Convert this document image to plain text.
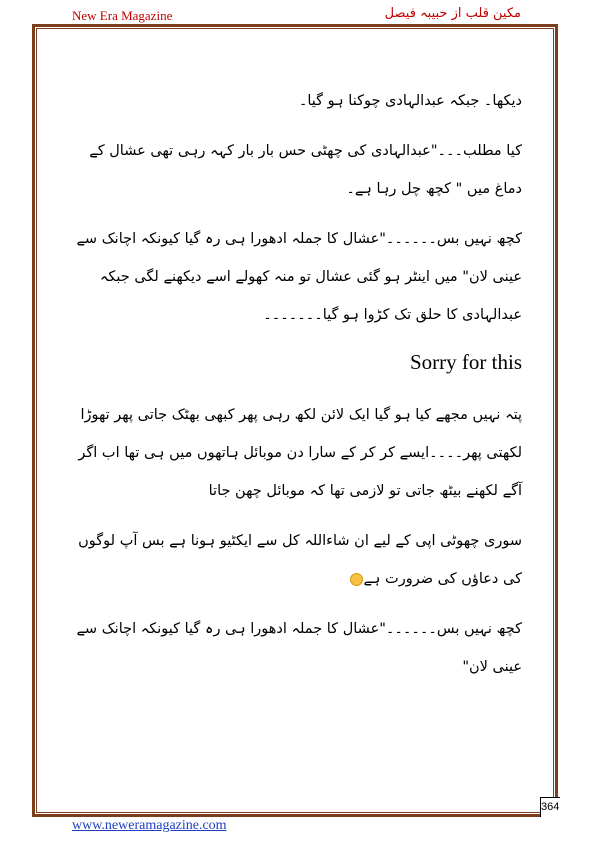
New Era Magazine	مکین قلب از حبیبہ فیصل

دیکھا۔ جبکہ عبدالہادی چوکنا ہو گیا۔

کیا مطلب۔۔۔"عبدالہادی کی چھٹی حس بار بار کہہ رہی تھی عشال کے دماغ میں " کچھ چل رہا ہے۔

کچھ نہیں بس۔۔۔۔۔۔"عشال کا جملہ ادھورا ہی رہ گیا کیونکہ اچانک سے عینی لان" میں اینٹر ہو گئی عشال تو منہ کھولے اسے دیکھنے لگی جبکہ عبدالہادی کا حلق تک کڑوا ہو گیا۔۔۔۔۔۔۔

Sorry for this

پتہ نہیں مجھے کیا ہو گیا ایک لائن لکھ رہی پھر کبھی بھٹک جاتی پھر تھوڑا لکھتی پھر۔۔۔۔ایسے کر کر کے سارا دن موبائل ہاتھوں میں ہی تھا اب اگر آگے لکھنے بیٹھ جاتی تو لازمی تھا کہ موبائل چھن جاتا

سوری چھوٹی اپی کے لیے ان شاءاللہ کل سے ایکٹیو ہونا ہے بس آپ لوگوں کی دعاؤں کی ضرورت ہے

کچھ نہیں بس۔۔۔۔۔۔"عشال کا جملہ ادھورا ہی رہ گیا کیونکہ اچانک سے عینی لان"

364
www.neweramagazine.com
